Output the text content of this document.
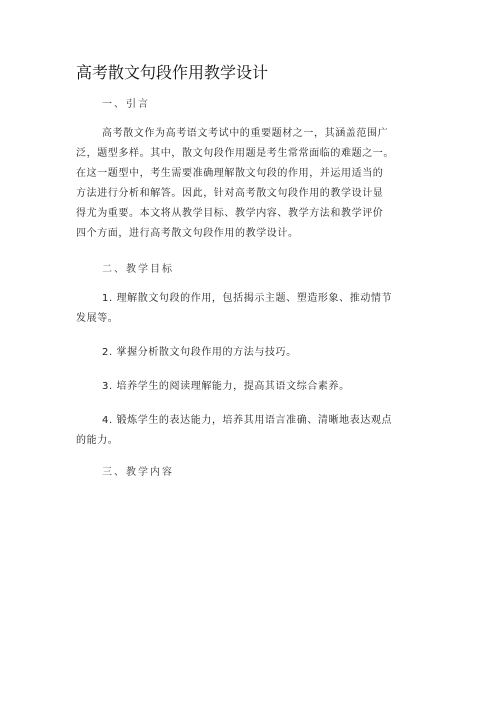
高考散文句段作用教学设计
一、引言
高考散文作为高考语文考试中的重要题材之一，其涵盖范围广
泛，题型多样。其中，散文句段作用题是考生常常面临的难题之一。
在这一题型中，考生需要准确理解散文句段的作用，并运用适当的
方法进行分析和解答。因此，针对高考散文句段作用的教学设计显
得尤为重要。本文将从教学目标、教学内容、教学方法和教学评价
四个方面，进行高考散文句段作用的教学设计。
二、教学目标
1. 理解散文句段的作用，包括揭示主题、塑造形象、推动情节
发展等。
2. 掌握分析散文句段作用的方法与技巧。
3. 培养学生的阅读理解能力，提高其语文综合素养。
4. 锻炼学生的表达能力，培养其用语言准确、清晰地表达观点
的能力。
三、教学内容
